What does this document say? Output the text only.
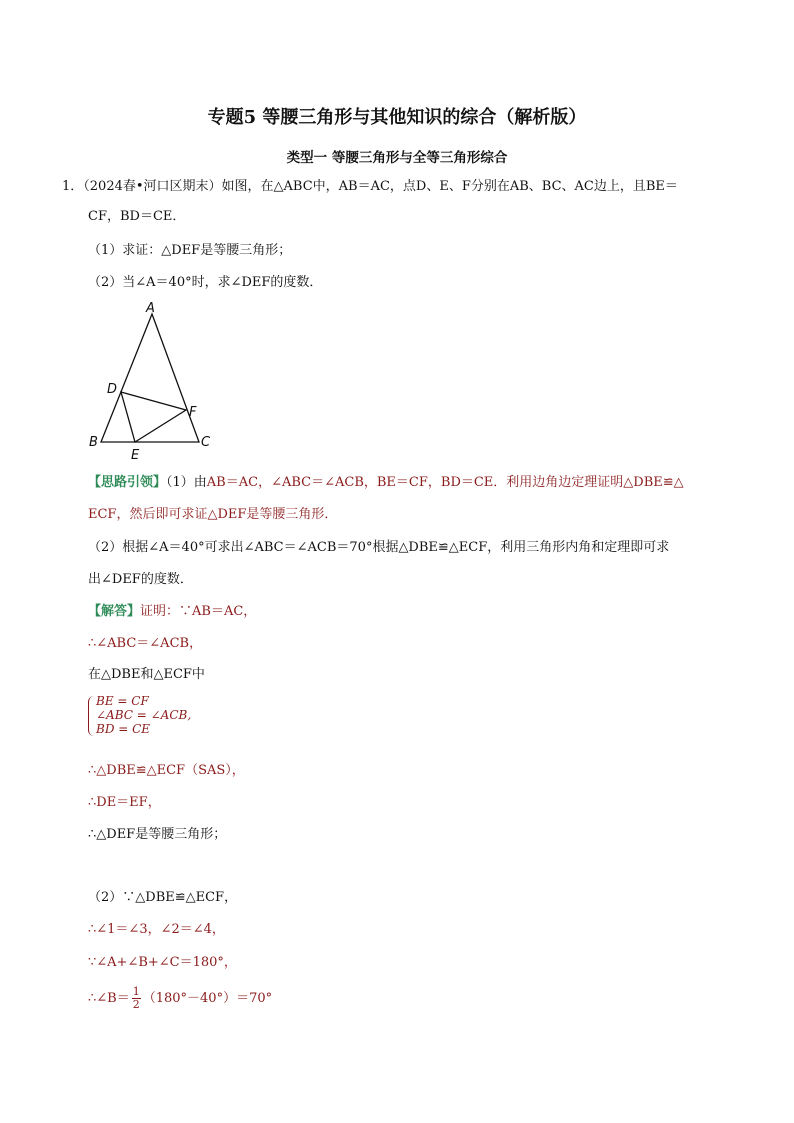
专题5 等腰三角形与其他知识的综合（解析版）
类型一 等腰三角形与全等三角形综合
1．（2024春•河口区期末）如图，在△ABC中，AB＝AC，点D、E、F分别在AB、BC、AC边上，且BE＝
CF，BD＝CE．
（1）求证：△DEF是等腰三角形；
（2）当∠A＝40°时，求∠DEF的度数．
A
B	C
D
E
F
【思路引领】（1）由AB＝AC，∠ABC＝∠ACB，BE＝CF，BD＝CE．利用边角边定理证明△DBE≌△
ECF，然后即可求证△DEF是等腰三角形．
（2）根据∠A＝40°可求出∠ABC＝∠ACB＝70°根据△DBE≌△ECF，利用三角形内角和定理即可求
出∠DEF的度数．
【解答】证明：∵AB＝AC，
∴∠ABC＝∠ACB，
在△DBE和△ECF中
BE = CF
∠ABC = ∠ACB,
BD = CE
∴△DBE≌△ECF（SAS），
∴DE＝EF，
∴△DEF是等腰三角形；
（2）∵△DBE≌△ECF，
∴∠1＝∠3，∠2＝∠4，
∵∠A+∠B+∠C＝180°，
∴∠B＝ $\frac{1}{2} (180^\circ-40^\circ)=70^\circ$
